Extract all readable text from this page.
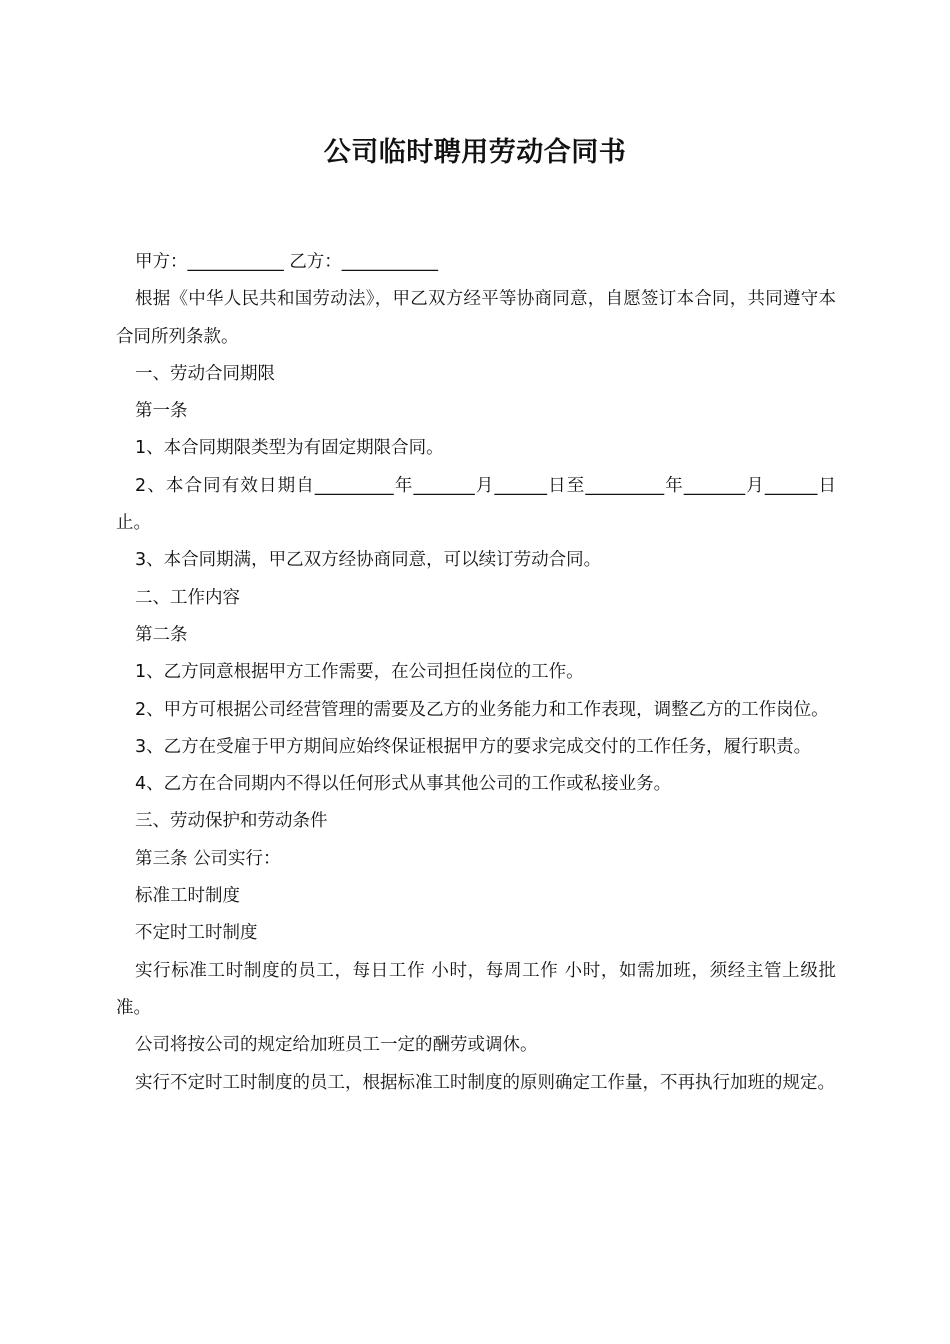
公司临时聘用劳动合同书

甲方：___________ 乙方：___________

根据《中华人民共和国劳动法》，甲乙双方经平等协商同意，自愿签订本合同，共同遵守本合同所列条款。

一、劳动合同期限

第一条

1、本合同期限类型为有固定期限合同。

2、本合同有效日期自_________年_______月______日至_________年_______月______日止。

3、本合同期满，甲乙双方经协商同意，可以续订劳动合同。

二、工作内容

第二条

1、乙方同意根据甲方工作需要，在公司担任岗位的工作。

2、甲方可根据公司经营管理的需要及乙方的业务能力和工作表现，调整乙方的工作岗位。

3、乙方在受雇于甲方期间应始终保证根据甲方的要求完成交付的工作任务，履行职责。

4、乙方在合同期内不得以任何形式从事其他公司的工作或私接业务。

三、劳动保护和劳动条件

第三条 公司实行：

标准工时制度

不定时工时制度

实行标准工时制度的员工，每日工作 小时，每周工作 小时，如需加班，须经主管上级批准。

公司将按公司的规定给加班员工一定的酬劳或调休。

实行不定时工时制度的员工，根据标准工时制度的原则确定工作量，不再执行加班的规定。
